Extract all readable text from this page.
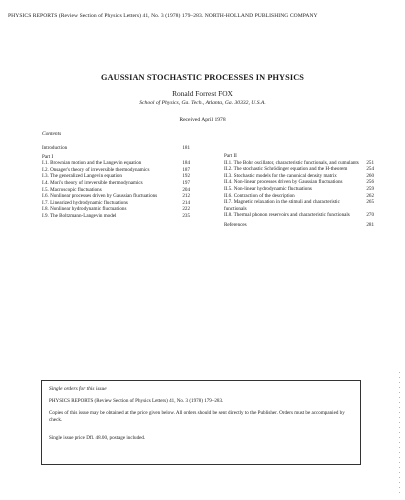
PHYSICS REPORTS (Review Section of Physics Letters) 41, No. 3 (1978) 179–283. NORTH-HOLLAND PUBLISHING COMPANY
GAUSSIAN STOCHASTIC PROCESSES IN PHYSICS
Ronald Forrest FOX
School of Physics, Ga. Tech., Atlanta, Ga. 30332, U.S.A.
Received April 1978
Contents
Introduction	181
Part I
I.1. Brownian motion and the Langevin equation	184
I.2. Onsager's theory of irreversible thermodynamics	187
I.3. The generalized Langevin equation	192
I.4. Mori's theory of irreversible thermodynamics	197
I.5. Macroscopic fluctuations	204
I.6. Nonlinear processes driven by Gaussian fluctuations	212
I.7. Linearized hydrodynamic fluctuations	214
I.8. Nonlinear hydrodynamic fluctuations	222
I.9. The Boltzmann-Langevin model	235
Part II
II.1. The Bohr oscillator, characteristic functionals, and cumulants	251
II.2. The stochastic Schrödinger equation and the H-theorem	254
II.3. Stochastic models for the canonical density matrix	260
II.4. Non-linear processes driven by Gaussian fluctuations	256
II.5. Non-linear hydrodynamic fluctuations	259
II.6. Contraction of the description	262
II.7. Magnetic relaxation in the stimuli and characteristic functionals
265
II.8. Thermal phonon reservoirs and characteristic functionals	270
References	281
Single orders for this issue
PHYSICS REPORTS (Review Section of Physics Letters) 41, No. 3 (1978) 179–283.
Copies of this issue may be obtained at the price given below. All orders should be sent directly to the Publisher. Orders must be accompanied by check.
Single issue price Dfl. 48.00, postage included.
